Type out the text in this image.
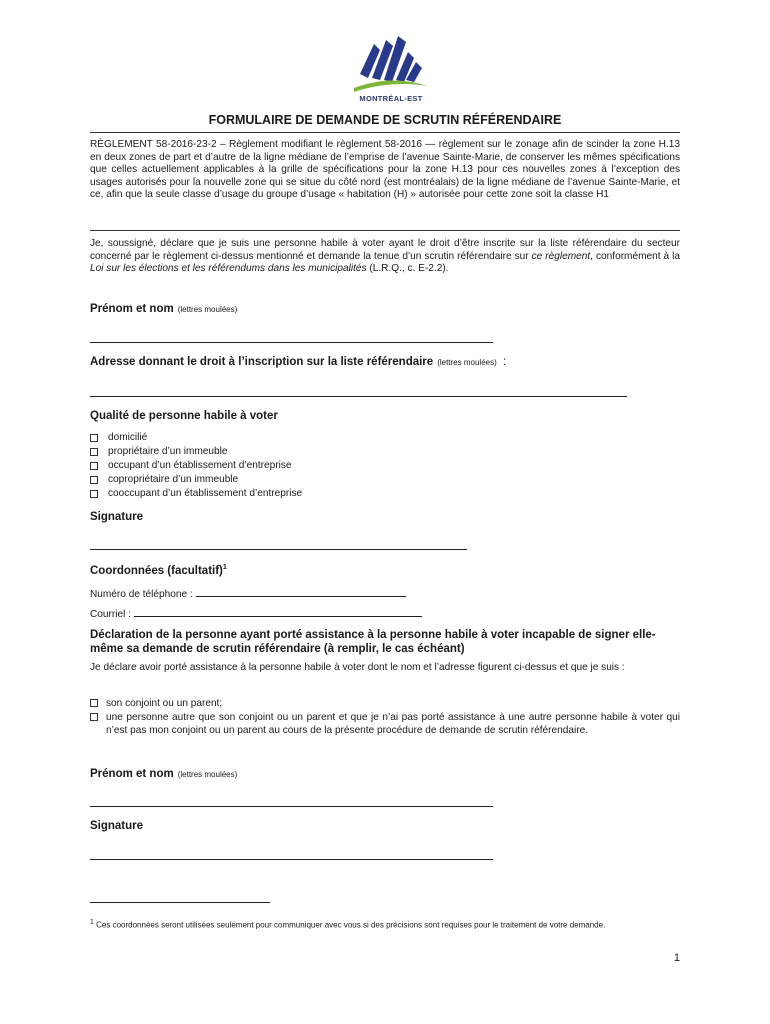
MONTRÉAL-EST
FORMULAIRE DE DEMANDE DE SCRUTIN RÉFÉRENDAIRE
RÈGLEMENT 58-2016-23-2 – Règlement modifiant le règlement 58-2016 — règlement sur le zonage afin de scinder la zone H.13 en deux zones de part et d’autre de la ligne médiane de l’emprise de l’avenue Sainte-Marie, de conserver les mêmes spécifications que celles actuellement applicables à la grille de spécifications pour la zone H.13 pour ces nouvelles zones à l’exception des usages autorisés pour la nouvelle zone qui se situe du côté nord (est montréalais) de la ligne médiane de l’avenue Sainte-Marie, et ce, afin que la seule classe d’usage du groupe d’usage « habitation (H) » autorisée pour cette zone soit la classe H1
Je, soussigné, déclare que je suis une personne habile à voter ayant le droit d’être inscrite sur la liste référendaire du secteur concerné par le règlement ci-dessus mentionné et demande la tenue d’un scrutin référendaire sur ce règlement, conformément à la Loi sur les élections et les référendums dans les municipalités (L.R.Q., c. E-2.2).
Prénom et nom (lettres moulées)
Adresse donnant le droit à l’inscription sur la liste référendaire (lettres moulées) :
Qualité de personne habile à voter
domicilié
propriétaire d’un immeuble
occupant d’un établissement d’entreprise
copropriétaire d’un immeuble
cooccupant d’un établissement d’entreprise
Signature
Coordonnées (facultatif)$^1$
Numéro de téléphone :
Courriel :
Déclaration de la personne ayant porté assistance à la personne habile à voter incapable de signer elle-même sa demande de scrutin référendaire (à remplir, le cas échéant)
Je déclare avoir porté assistance à la personne habile à voter dont le nom et l’adresse figurent ci-dessus et que je suis :
son conjoint ou un parent;
une personne autre que son conjoint ou un parent et que je n’ai pas porté assistance à une autre personne habile à voter qui n’est pas mon conjoint ou un parent au cours de la présente procédure de demande de scrutin référendaire.
Prénom et nom (lettres moulées)
Signature
$^1$ Ces coordonnées seront utilisées seulement pour communiquer avec vous si des précisions sont requises pour le traitement de votre demande.
1
